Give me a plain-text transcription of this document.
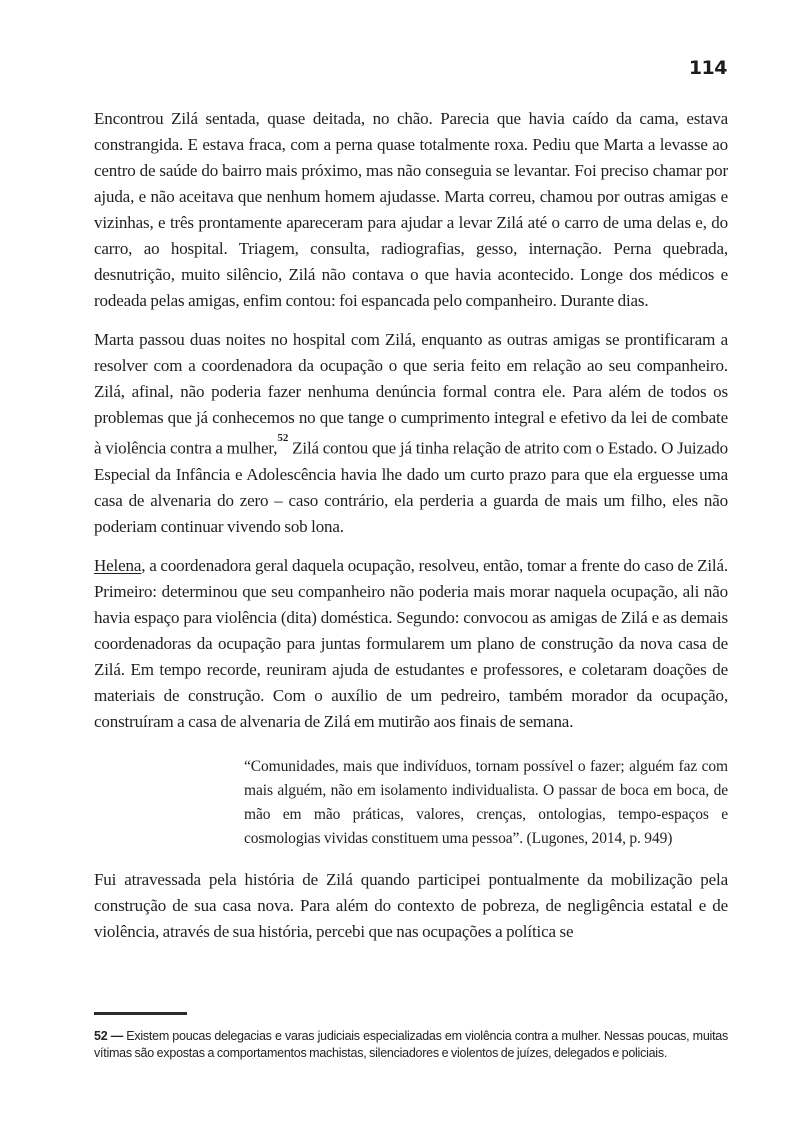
114

Encontrou Zilá sentada, quase deitada, no chão. Parecia que havia caído da cama, estava constrangida. E estava fraca, com a perna quase totalmente roxa. Pediu que Marta a levasse ao centro de saúde do bairro mais próximo, mas não conseguia se levantar. Foi preciso chamar por ajuda, e não aceitava que nenhum homem ajudasse. Marta correu, chamou por outras amigas e vizinhas, e três prontamente apareceram para ajudar a levar Zilá até o carro de uma delas e, do carro, ao hospital. Triagem, consulta, radiografias, gesso, internação. Perna quebrada, desnutrição, muito silêncio, Zilá não contava o que havia acontecido. Longe dos médicos e rodeada pelas amigas, enfim contou: foi espancada pelo companheiro. Durante dias.

Marta passou duas noites no hospital com Zilá, enquanto as outras amigas se prontificaram a resolver com a coordenadora da ocupação o que seria feito em relação ao seu companheiro. Zilá, afinal, não poderia fazer nenhuma denúncia formal contra ele. Para além de todos os problemas que já conhecemos no que tange o cumprimento integral e efetivo da lei de combate à violência contra a mulher,$^{52}$ Zilá contou que já tinha relação de atrito com o Estado. O Juizado Especial da Infância e Adolescência havia lhe dado um curto prazo para que ela erguesse uma casa de alvenaria do zero – caso contrário, ela perderia a guarda de mais um filho, eles não poderiam continuar vivendo sob lona.

Helena, a coordenadora geral daquela ocupação, resolveu, então, tomar a frente do caso de Zilá. Primeiro: determinou que seu companheiro não poderia mais morar naquela ocupação, ali não havia espaço para violência (dita) doméstica. Segundo: convocou as amigas de Zilá e as demais coordenadoras da ocupação para juntas formularem um plano de construção da nova casa de Zilá. Em tempo recorde, reuniram ajuda de estudantes e professores, e coletaram doações de materiais de construção. Com o auxílio de um pedreiro, também morador da ocupação, construíram a casa de alvenaria de Zilá em mutirão aos finais de semana.

“Comunidades, mais que indivíduos, tornam possível o fazer; alguém faz com mais alguém, não em isolamento individualista. O passar de boca em boca, de mão em mão práticas, valores, crenças, ontologias, tempo-espaços e cosmologias vividas constituem uma pessoa”. (Lugones, 2014, p. 949)

Fui atravessada pela história de Zilá quando participei pontualmente da mobilização pela construção de sua casa nova. Para além do contexto de pobreza, de negligência estatal e de violência, através de sua história, percebi que nas ocupações a política se

52 — Existem poucas delegacias e varas judiciais especializadas em violência contra a mulher. Nessas poucas, muitas vítimas são expostas a comportamentos machistas, silenciadores e violentos de juízes, delegados e policiais.
